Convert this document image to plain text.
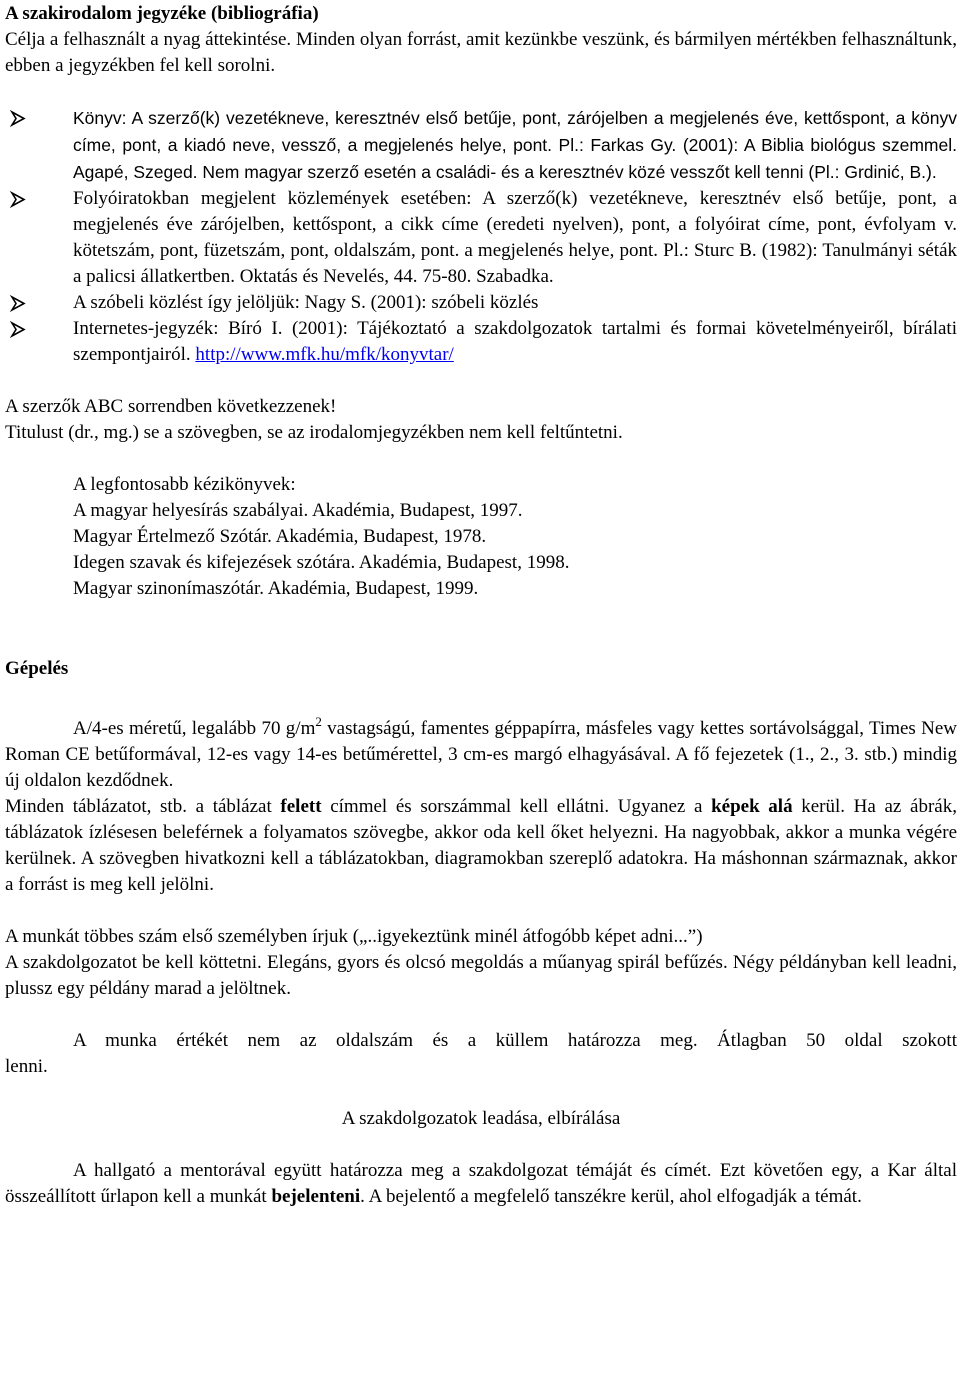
A szakirodalom jegyzéke (bibliográfia)

Célja a felhasznált a nyag áttekintése. Minden olyan forrást, amit kezünkbe veszünk, és bármilyen mértékben felhasználtunk, ebben a jegyzékben fel kell sorolni.

Könyv: A szerző(k) vezetékneve, keresztnév első betűje, pont, zárójelben a megjelenés éve, kettőspont, a könyv címe, pont, a kiadó neve, vessző, a megjelenés helye, pont. Pl.: Farkas Gy. (2001): A Biblia biológus szemmel. Agapé, Szeged. Nem magyar szerző esetén a családi- és a keresztnév közé vesszőt kell tenni (Pl.: Grdinić, B.).
Folyóiratokban megjelent közlemények esetében: A szerző(k) vezetékneve, keresztnév első betűje, pont, a megjelenés éve zárójelben, kettőspont, a cikk címe (eredeti nyelven), pont, a folyóirat címe, pont, évfolyam v. kötetszám, pont, füzetszám, pont, oldalszám, pont. a megjelenés helye, pont. Pl.: Sturc B. (1982): Tanulmányi séták a palicsi állatkertben. Oktatás és Nevelés, 44. 75-80. Szabadka.
A szóbeli közlést így jelöljük: Nagy S. (2001): szóbeli közlés
Internetes-jegyzék: Bíró I. (2001): Tájékoztató a szakdolgozatok tartalmi és formai követelményeiről, bírálati szempontjairól. http://www.mfk.hu/mfk/konyvtar/

A szerzők ABC sorrendben következzenek!

Titulust (dr., mg.) se a szövegben, se az irodalomjegyzékben nem kell feltűntetni.

A legfontosabb kézikönyvek:

A magyar helyesírás szabályai. Akadémia, Budapest, 1997.

Magyar Értelmező Szótár. Akadémia, Budapest, 1978.

Idegen szavak és kifejezések szótára. Akadémia, Budapest, 1998.

Magyar szinonímaszótár. Akadémia, Budapest, 1999.

Gépelés

A/4-es méretű, legalább 70 $g/m^2$ vastagságú, famentes géppapírra, másfeles vagy kettes sortávolsággal, Times New Roman CE betűformával, 12-es vagy 14-es betűmérettel, 3 cm-es margó elhagyásával. A fő fejezetek (1., 2., 3. stb.) mindig új oldalon kezdődnek.

Minden táblázatot, stb. a táblázat felett címmel és sorszámmal kell ellátni. Ugyanez a képek alá kerül. Ha az ábrák, táblázatok ízlésesen beleférnek a folyamatos szövegbe, akkor oda kell őket helyezni. Ha nagyobbak, akkor a munka végére kerülnek. A szövegben hivatkozni kell a táblázatokban, diagramokban szereplő adatokra. Ha máshonnan származnak, akkor a forrást is meg kell jelölni.

A munkát többes szám első személyben írjuk („..igyekeztünk minél átfogóbb képet adni...”)

A szakdolgozatot be kell köttetni. Elegáns, gyors és olcsó megoldás a műanyag spirál befűzés. Négy példányban kell leadni, plussz egy példány marad a jelöltnek.

A munka értékét nem az oldalszám és a küllem határozza meg. Átlagban 50 oldal szokott

lenni.

A szakdolgozatok leadása, elbírálása

A hallgató a mentorával együtt határozza meg a szakdolgozat témáját és címét. Ezt követően egy, a Kar által összeállított űrlapon kell a munkát bejelenteni. A bejelentő a megfelelő tanszékre kerül, ahol elfogadják a témát.
